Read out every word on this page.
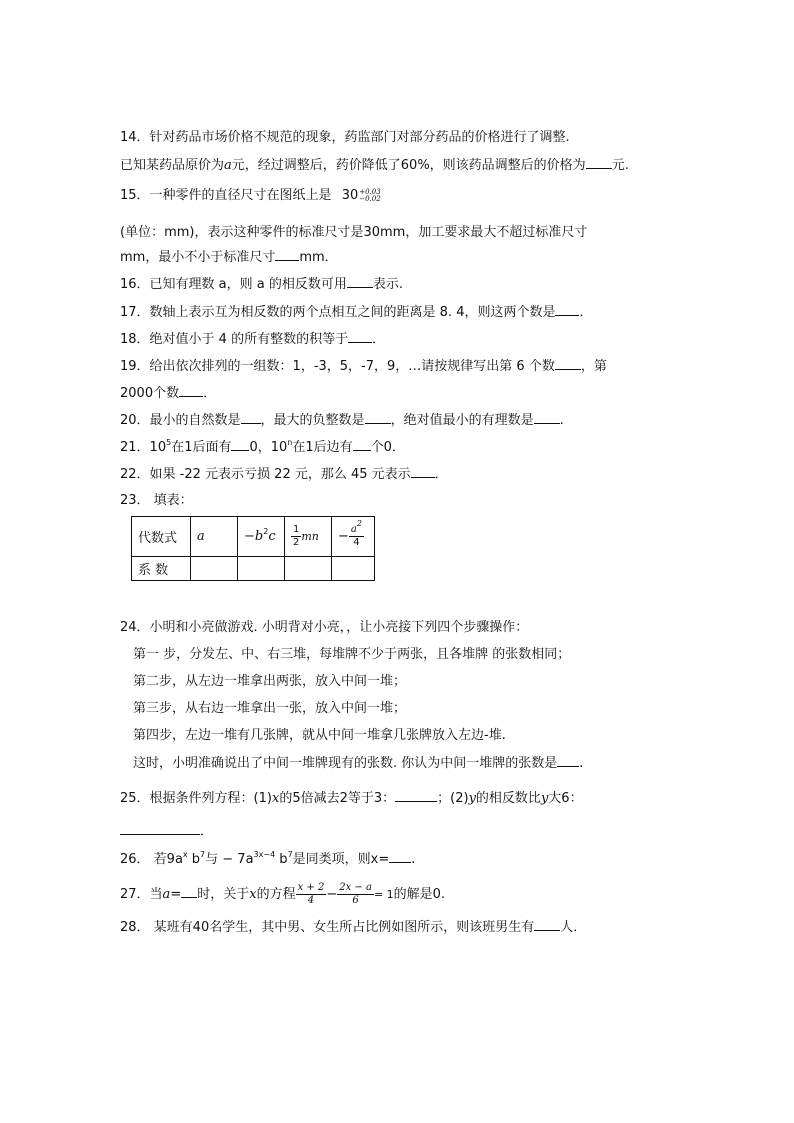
14．针对药品市场价格不规范的现象，药监部门对部分药品的价格进行了调整.
已知某药品原价为a元，经过调整后，药价降低了60%，则该药品调整后的价格为 元.
15．一种零件的直径尺寸在图纸上是 30 +0.03
−0.02
(单位：mm)，表示这种零件的标准尺寸是30mm，加工要求最大不超过标准尺寸
mm，最小不小于标准尺寸 mm．
16．已知有理数 a，则 a 的相反数可用 表示.
17．数轴上表示互为相反数的两个点相互之间的距离是 8. 4，则这两个数是 ．
18．绝对值小于 4 的所有整数的积等于 ．
19．给出依次排列的一组数：1，-3，5，-7，9，…请按规律写出第 6 个数 ，第
2000个数 ．
20．最小的自然数是 ，最大的负整数是 ，绝对值最小的有理数是 .
21．$10^5$在1后面有 0，10$^n$在1后边有 个0．
22．如果 -22 元表示亏损 22 元，那么 45 元表示 ．
23． 填表：
代数式	a	$-b^2c$	$\frac{1}{2}$ mn	− $\frac{a^2}{4}$

系 数				
24．小明和小亮做游戏. 小明背对小亮，，让小亮接下列四个步骤操作：
第一 步，分发左、中、右三堆，每堆牌不少于两张，且各堆牌 的张数相同；
第二步，从左边一堆拿出两张，放入中间一堆；
第三步，从右边一堆拿出一张，放入中间一堆；
第四步，左边一堆有几张牌，就从中间一堆拿几张牌放入左边-堆.
这时，小明准确说出了中间一堆牌现有的张数. 你认为中间一堆牌的张数是 .
25．根据条件列方程：(1)x的5倍减去2等于3：	；(2)y的相反数比y大6：
．
26． 若$9a^x$ $b^7$与 − $7a^{3x-4}$ $b^7$是同类项，则x= .
27．当a= 时，关于x的方程 $\frac{x + 2}{4} - \frac{2x - a}{6} = 1$的解是0.
28． 某班有40名学生，其中男、女生所占比例如图所示，则该班男生有 人．
